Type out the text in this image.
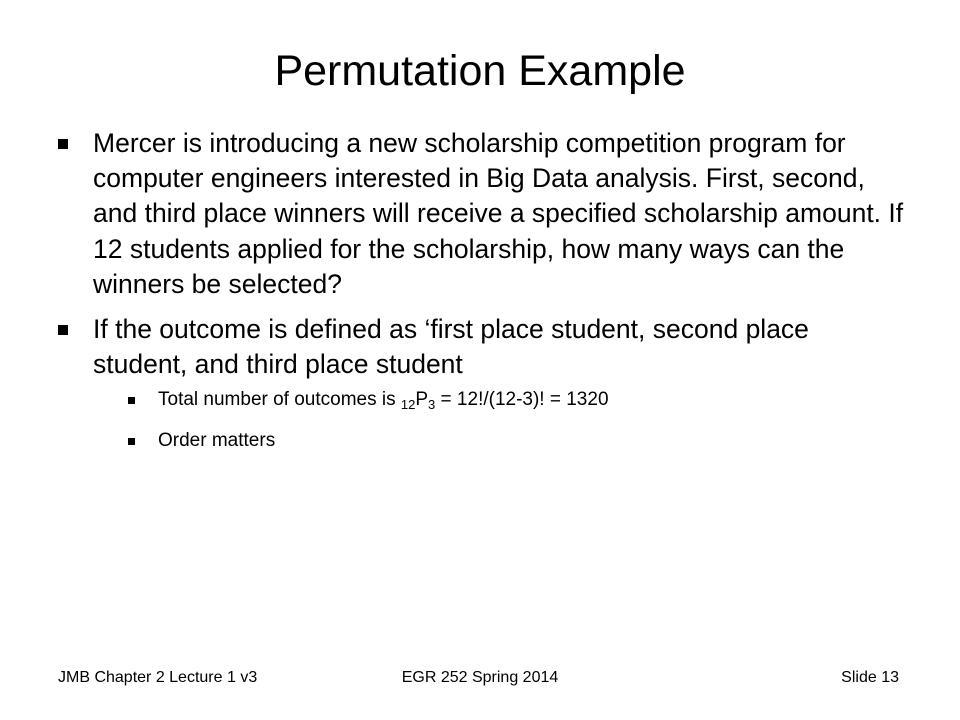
Permutation Example
Mercer is introducing a new scholarship competition program for computer engineers interested in Big Data analysis. First, second, and third place winners will receive a specified scholarship amount. If 12 students applied for the scholarship, how many ways can the winners be selected?
If the outcome is defined as ‘first place student, second place student, and third place student
Total number of outcomes is $_{12}P_3 = 12!/(12-3)$! = 1320
Order matters
EGR 252 Spring 2014
JMB Chapter 2 Lecture 1 v3	Slide 13
